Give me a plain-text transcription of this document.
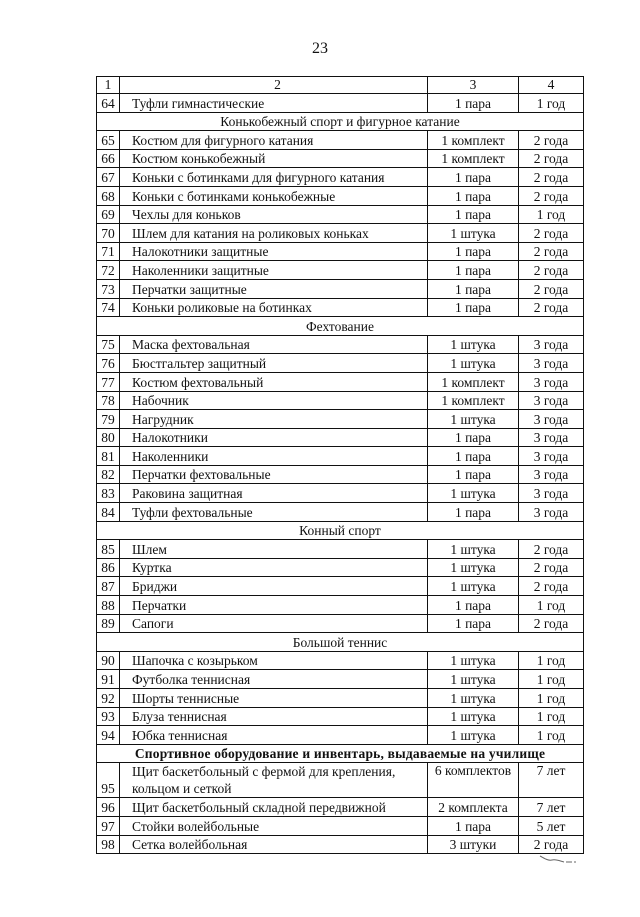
23
1	2	3	4
64	Туфли гимнастические	1 пара	1 год
Конькобежный спорт и фигурное катание			
65	Костюм для фигурного катания	1 комплект	2 года
66	Костюм конькобежный	1 комплект	2 года
67	Коньки с ботинками для фигурного катания	1 пара	2 года
68	Коньки с ботинками конькобежные	1 пара	2 года
69	Чехлы для коньков	1 пара	1 год
70	Шлем для катания на роликовых коньках	1 штука	2 года
71	Налокотники защитные	1 пара	2 года
72	Наколенники защитные	1 пара	2 года
73	Перчатки защитные	1 пара	2 года
74	Коньки роликовые на ботинках	1 пара	2 года
Фехтование			
75	Маска фехтовальная	1 штука	3 года
76	Бюстгальтер защитный	1 штука	3 года
77	Костюм фехтовальный	1 комплект	3 года
78	Набочник	1 комплект	3 года
79	Нагрудник	1 штука	3 года
80	Налокотники	1 пара	3 года
81	Наколенники	1 пара	3 года
82	Перчатки фехтовальные	1 пара	3 года
83	Раковина защитная	1 штука	3 года
84	Туфли фехтовальные	1 пара	3 года
Конный спорт			
85	Шлем	1 штука	2 года
86	Куртка	1 штука	2 года
87	Бриджи	1 штука	2 года
88	Перчатки	1 пара	1 год
89	Сапоги	1 пара	2 года
Большой теннис			
90	Шапочка с козырьком	1 штука	1 год
91	Футболка теннисная	1 штука	1 год
92	Шорты теннисные	1 штука	1 год
93	Блуза теннисная	1 штука	1 год
94	Юбка теннисная	1 штука	1 год
Спортивное оборудование и инвентарь, выдаваемые на училище			
95	Щит баскетбольный с фермой для крепления, кольцом и сеткой	6 комплектов	7 лет
96	Щит баскетбольный складной передвижной	2 комплекта	7 лет
97	Стойки волейбольные	1 пара	5 лет
98	Сетка волейбольная	3 штуки	2 года
